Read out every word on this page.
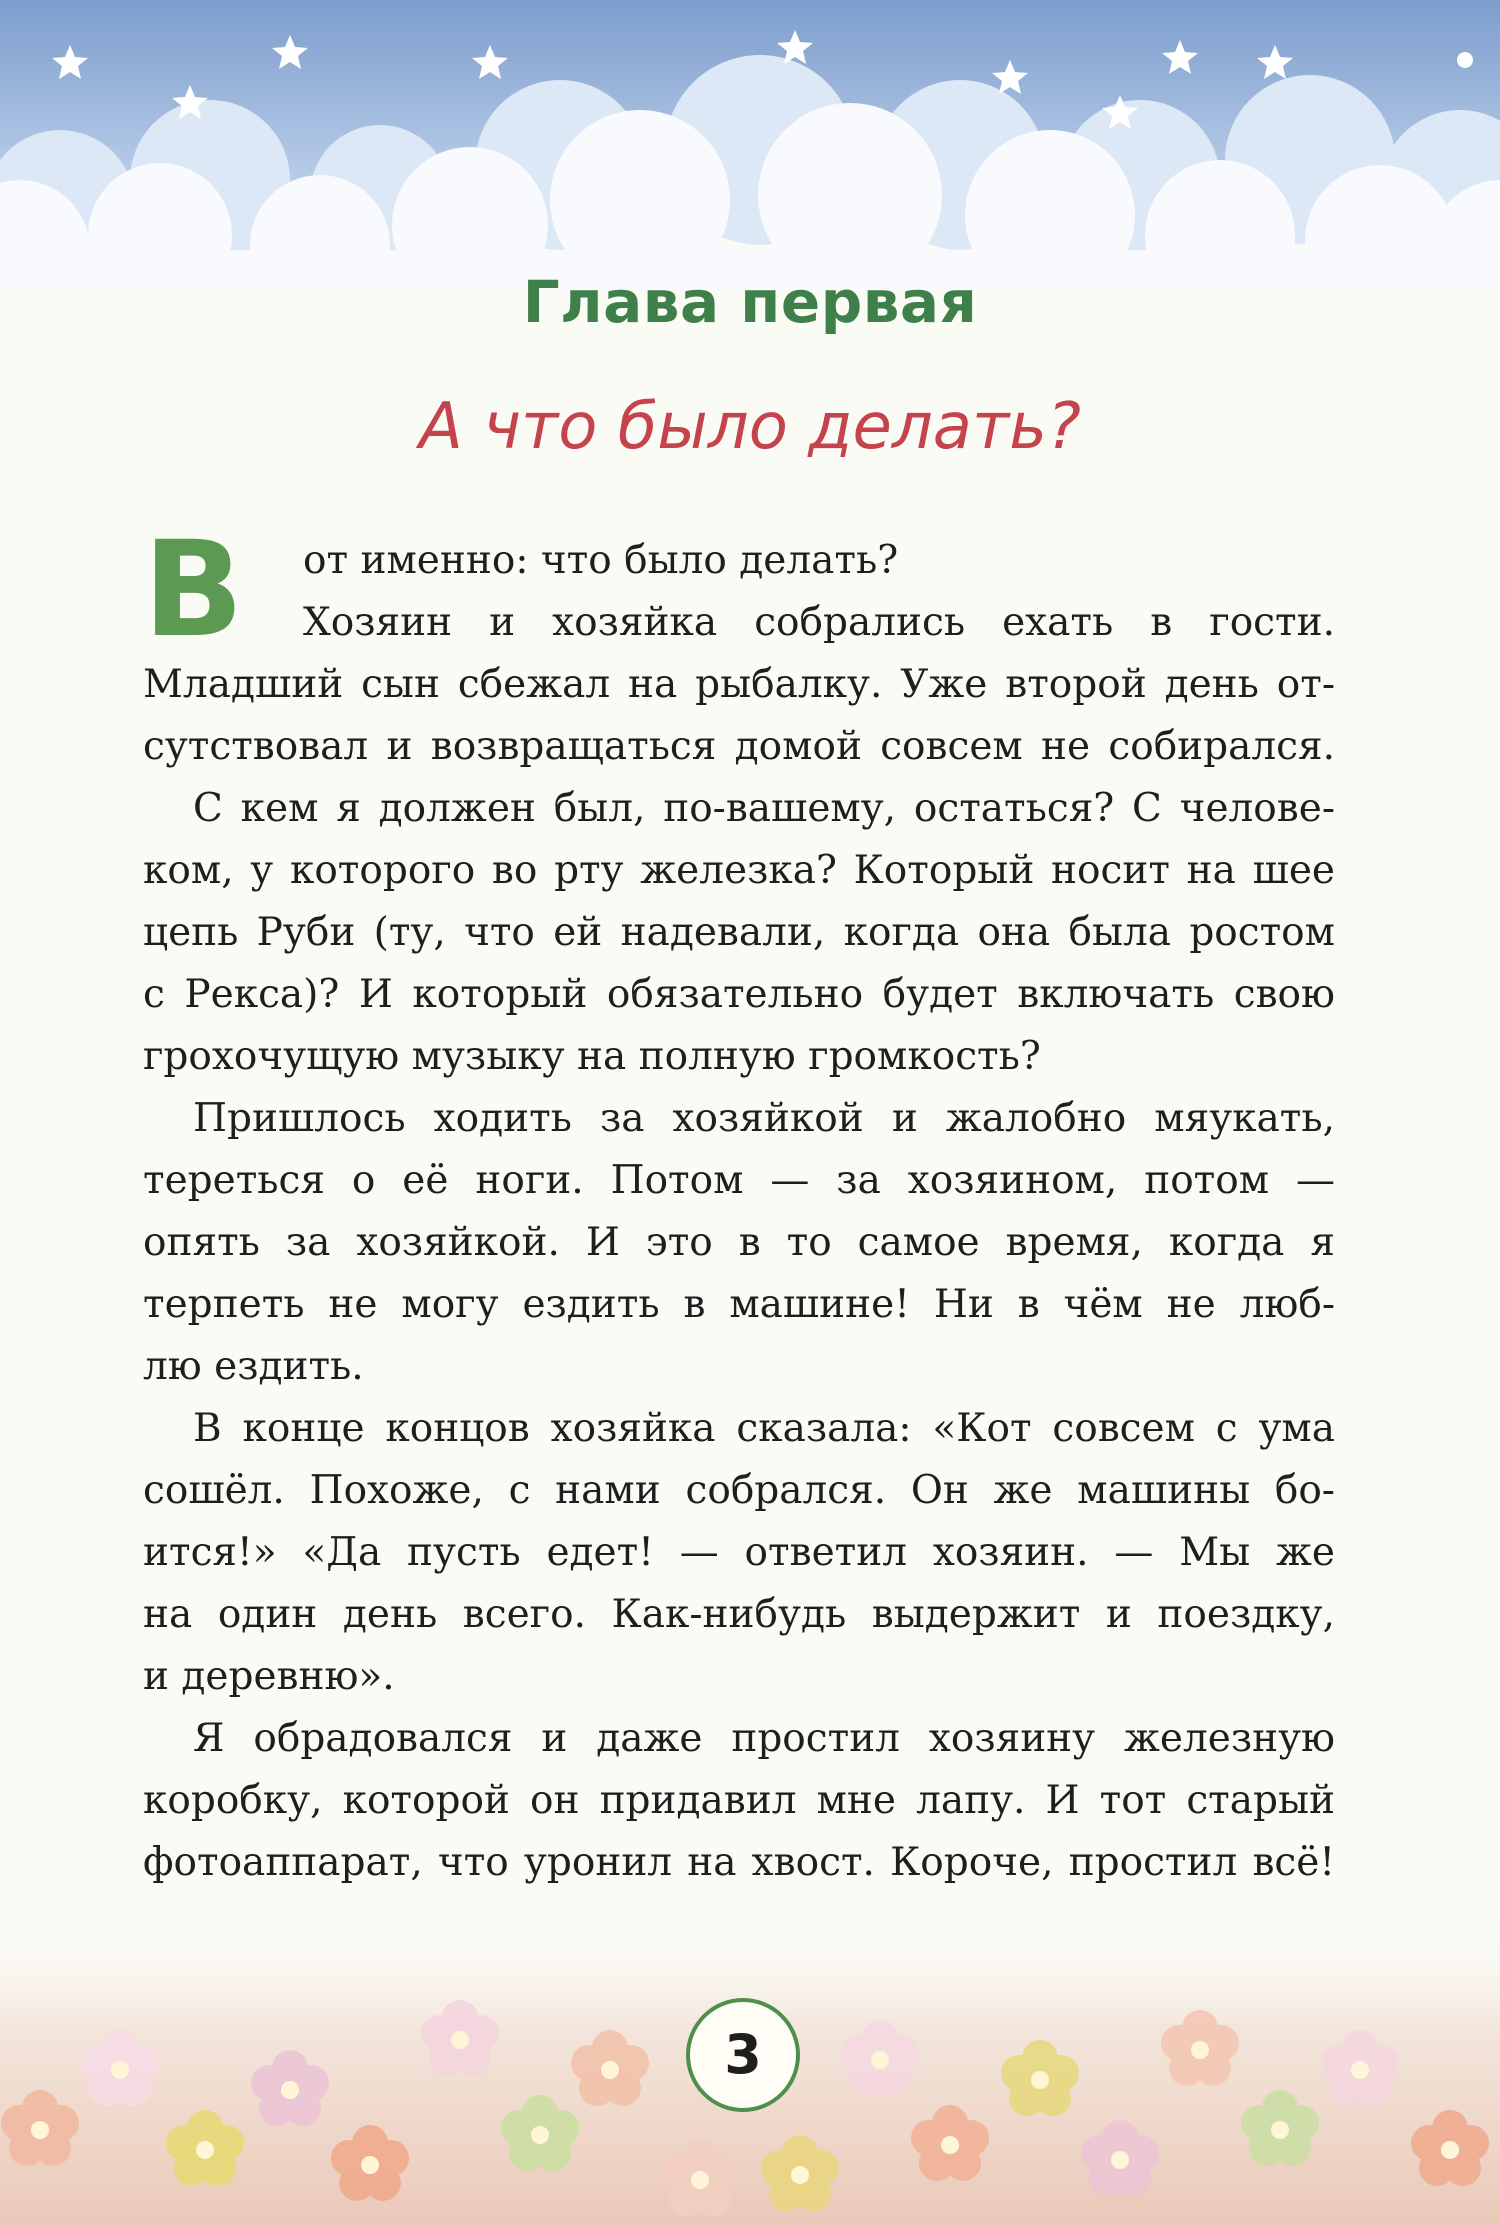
Глава первая
А что было делать?
В от именно: что было делать?
Хозяин и хозяйка собрались ехать в гости.
Младший сын сбежал на рыбалку. Уже второй день от-
сутствовал и возвращаться домой совсем не собирался.
С кем я должен был, по-вашему, остаться? С челове-
ком, у которого во рту железка? Который носит на шее
цепь Руби (ту, что ей надевали, когда она была ростом
с Рекса)? И который обязательно будет включать свою
грохочущую музыку на полную громкость?
Пришлось ходить за хозяйкой и жалобно мяукать,
тереться о её ноги. Потом — за хозяином, потом —
опять за хозяйкой. И это в то самое время, когда я
терпеть не могу ездить в машине! Ни в чём не люб-
лю ездить.
В конце концов хозяйка сказала: «Кот совсем с ума
сошёл. Похоже, с нами собрался. Он же машины бо-
ится!» «Да пусть едет! — ответил хозяин. — Мы же
на один день всего. Как-нибудь выдержит и поездку,
и деревню».
Я обрадовался и даже простил хозяину железную
коробку, которой он придавил мне лапу. И тот старый
фотоаппарат, что уронил на хвост. Короче, простил всё!
3
